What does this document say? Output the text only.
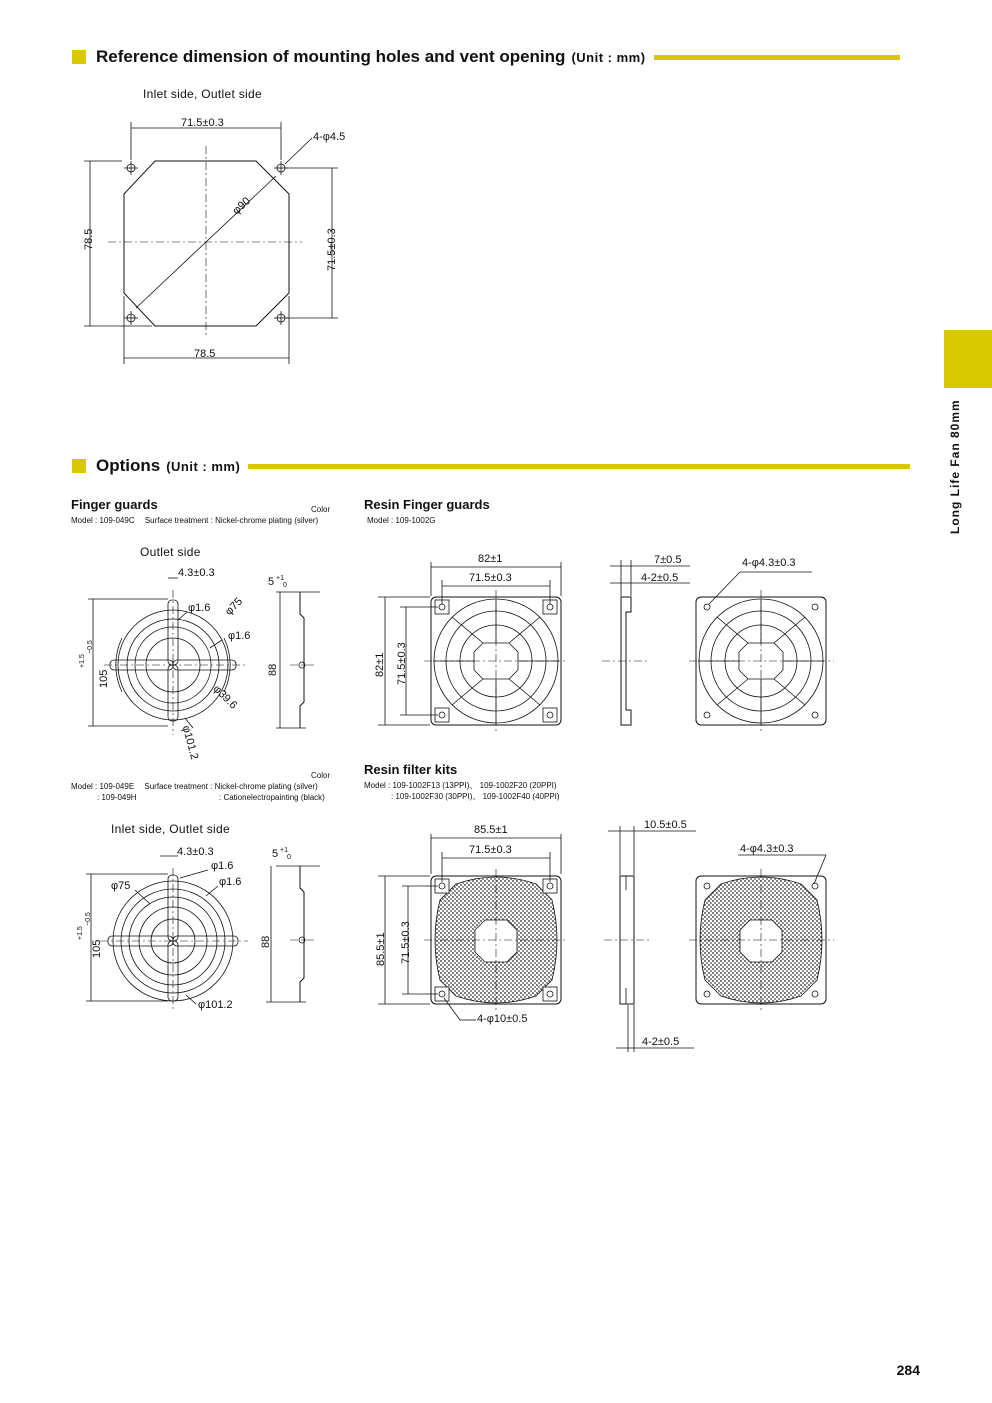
Reference dimension of mounting holes and vent opening (Unit : mm)
Options (Unit : mm)	Long Life Fan 80mm
Inlet side, Outlet side
71.5±0.3
4-φ4.5
φ90
78.5	71.5±0.3
78.5
Finger guards	Color
Model : 109-049C　 Surface treatment : Nickel-chrome plating (silver)
Outlet side
4.3±0.3
φ1.6 φ75
φ1.6
φ39.6
φ101.2
105
+1.5
−0.5
5 +1
0
88
Color
Model : 109-049E　 Surface treatment : Nickel-chrome plating (silver)
: 109-049H	: Cationelectropainting (black)
Inlet side, Outlet side
4.3±0.3
φ1.6
φ75	φ1.6
φ101.2
105
+1.5
−0.5
5 +1
0
88
Resin Finger guards
Model : 109-1002G
82±1
71.5±0.3
82±1 71.5±0.3
7±0.5
4-2±0.5
4-φ4.3±0.3
Resin filter kits
Model : 109-1002F13 (13PPI)、 109-1002F20 (20PPI)
: 109-1002F30 (30PPI)、 109-1002F40 (40PPI)
85.5±1
71.5±0.3
85.5±1 71.5±0.3
10.5±0.5
4-φ4.3±0.3
4-φ10±0.5
4-2±0.5
284
